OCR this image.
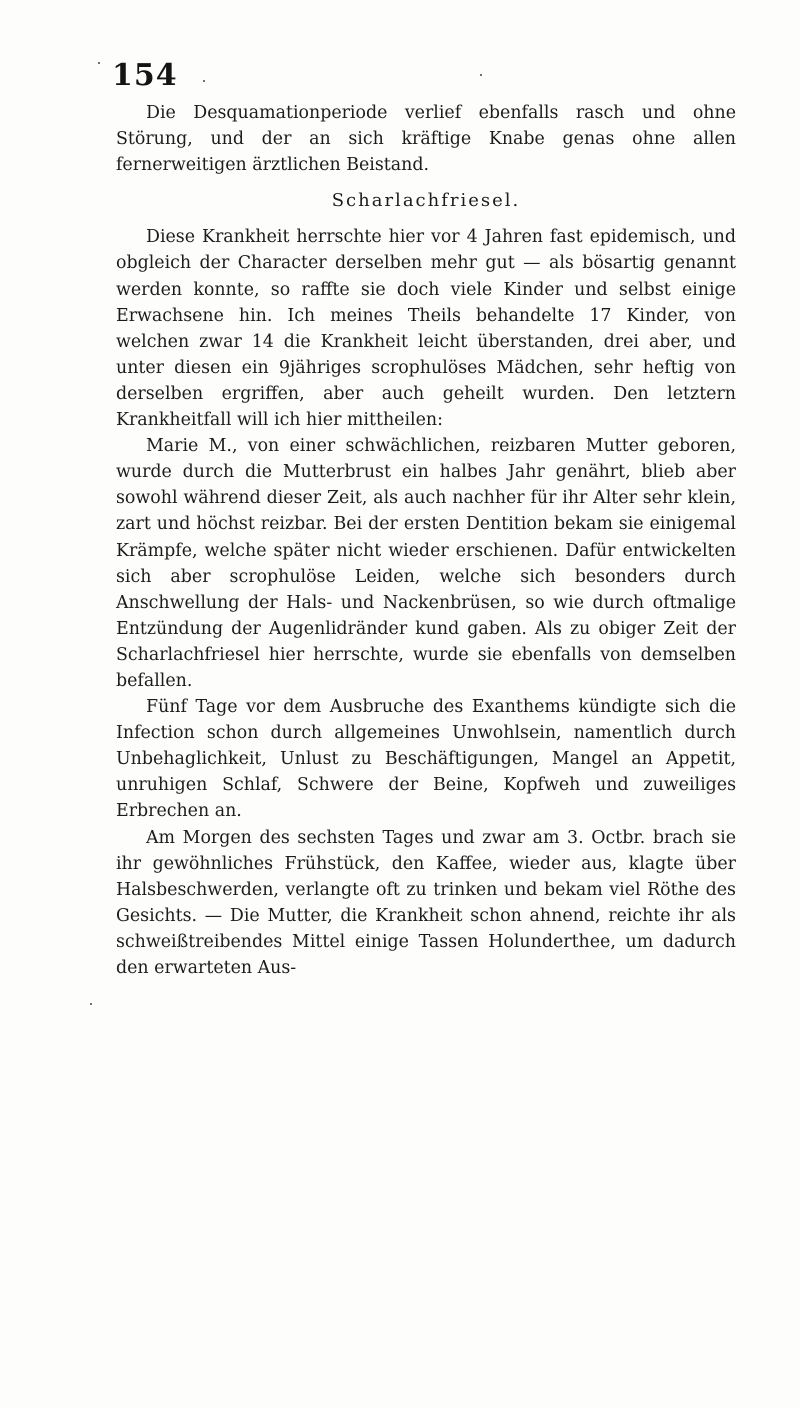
154

Die Desquamationperiode verlief ebenfalls rasch und ohne Störung, und der an sich kräftige Knabe genas ohne allen fernerweitigen ärztlichen Beistand.

Scharlachfriesel.

Diese Krankheit herrschte hier vor 4 Jahren fast epidemisch, und obgleich der Character derselben mehr gut — als bösartig genannt werden konnte, so raffte sie doch viele Kinder und selbst einige Erwachsene hin. Ich meines Theils behandelte 17 Kinder, von welchen zwar 14 die Krankheit leicht überstanden, drei aber, und unter diesen ein 9jähriges scrophulöses Mädchen, sehr heftig von derselben ergriffen, aber auch geheilt wurden. Den letztern Krankheitfall will ich hier mittheilen:

Marie M., von einer schwächlichen, reizbaren Mutter geboren, wurde durch die Mutterbrust ein halbes Jahr genährt, blieb aber sowohl während dieser Zeit, als auch nachher für ihr Alter sehr klein, zart und höchst reizbar. Bei der ersten Dentition bekam sie einigemal Krämpfe, welche später nicht wieder erschienen. Dafür entwickelten sich aber scrophulöse Leiden, welche sich besonders durch Anschwellung der Hals- und Nackenbrüsen, so wie durch oftmalige Entzündung der Augenlidränder kund gaben. Als zu obiger Zeit der Scharlachfriesel hier herrschte, wurde sie ebenfalls von demselben befallen.

Fünf Tage vor dem Ausbruche des Exanthems kündigte sich die Infection schon durch allgemeines Unwohlsein, namentlich durch Unbehaglichkeit, Unlust zu Beschäftigungen, Mangel an Appetit, unruhigen Schlaf, Schwere der Beine, Kopfweh und zuweiliges Erbrechen an.

Am Morgen des sechsten Tages und zwar am 3. Octbr. brach sie ihr gewöhnliches Frühstück, den Kaffee, wieder aus, klagte über Halsbeschwerden, verlangte oft zu trinken und bekam viel Röthe des Gesichts. — Die Mutter, die Krankheit schon ahnend, reichte ihr als schweißtreibendes Mittel einige Tassen Holunderthee, um dadurch den erwarteten Aus-
